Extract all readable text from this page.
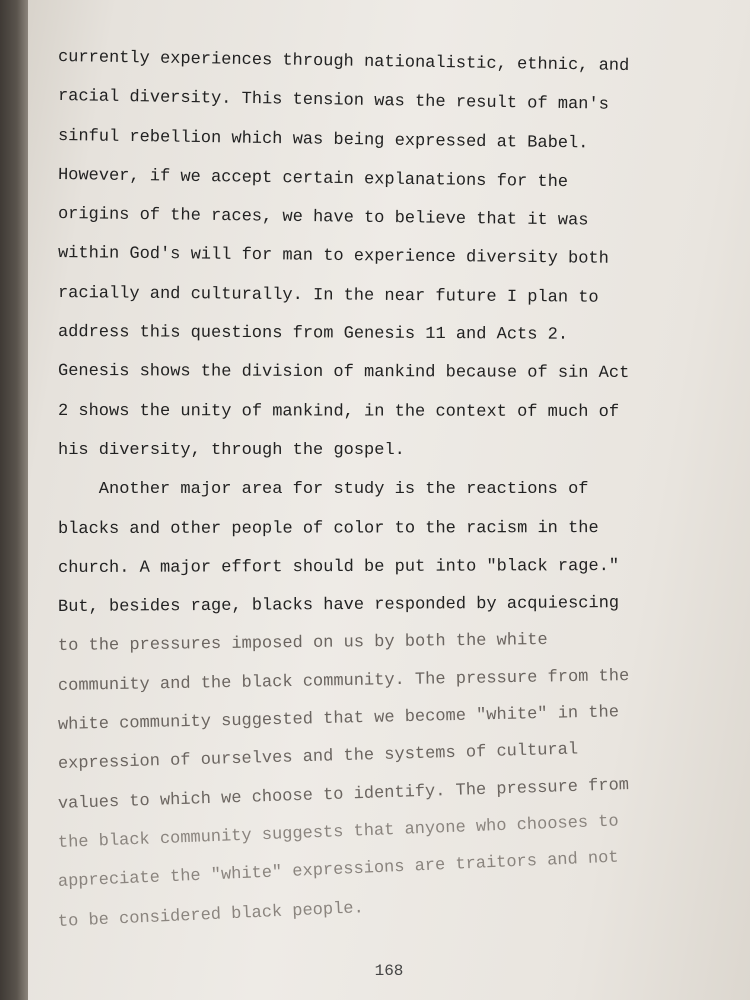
currently experiences through nationalistic, ethnic, and
racial diversity. This tension was the result of man's
sinful rebellion which was being expressed at Babel.
However, if we accept certain explanations for the
origins of the races, we have to believe that it was
within God's will for man to experience diversity both
racially and culturally. In the near future I plan to
address this questions from Genesis 11 and Acts 2.
Genesis shows the division of mankind because of sin Act
2 shows the unity of mankind, in the context of much of
his diversity, through the gospel.
Another major area for study is the reactions of
blacks and other people of color to the racism in the
church. A major effort should be put into "black rage."
But, besides rage, blacks have responded by acquiescing
to the pressures imposed on us by both the white
community and the black community. The pressure from the
white community suggested that we become "white" in the
expression of ourselves and the systems of cultural
values to which we choose to identify. The pressure from
the black community suggests that anyone who chooses to
appreciate the "white" expressions are traitors and not
to be considered black people.
168
